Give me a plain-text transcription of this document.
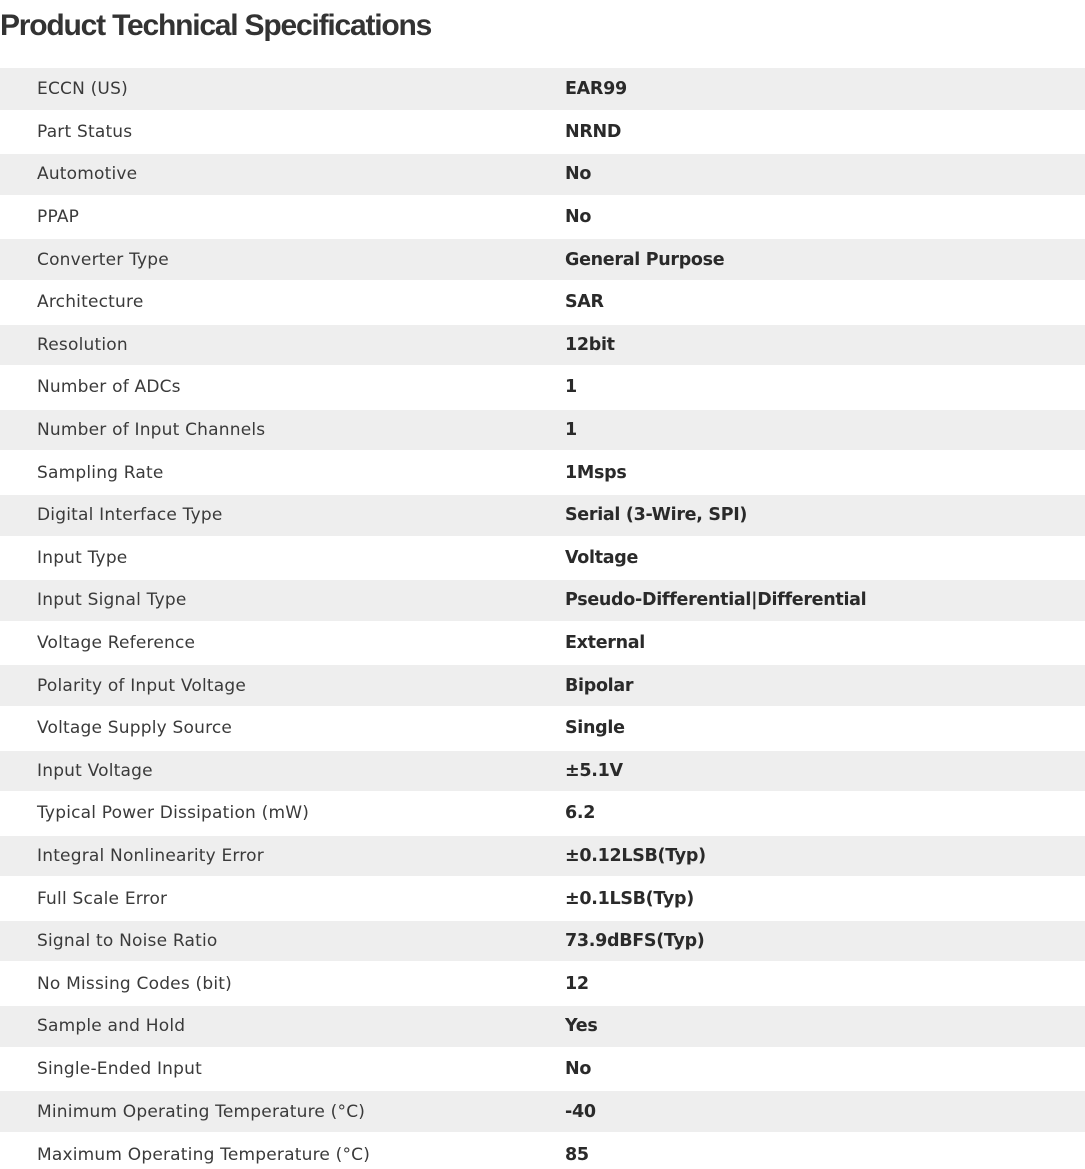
Product Technical Specifications
ECCN (US)	EAR99
Part Status	NRND
Automotive	No
PPAP	No
Converter Type	General Purpose
Architecture	SAR
Resolution	12bit
Number of ADCs	1
Number of Input Channels	1
Sampling Rate	1Msps
Digital Interface Type	Serial (3-Wire, SPI)
Input Type	Voltage
Input Signal Type	Pseudo-Differential|Differential
Voltage Reference	External
Polarity of Input Voltage	Bipolar
Voltage Supply Source	Single
Input Voltage	±5.1V
Typical Power Dissipation (mW)	6.2
Integral Nonlinearity Error	±0.12LSB(Typ)
Full Scale Error	±0.1LSB(Typ)
Signal to Noise Ratio	73.9dBFS(Typ)
No Missing Codes (bit)	12
Sample and Hold	Yes
Single-Ended Input	No
Minimum Operating Temperature (°C)	-40
Maximum Operating Temperature (°C)	85
